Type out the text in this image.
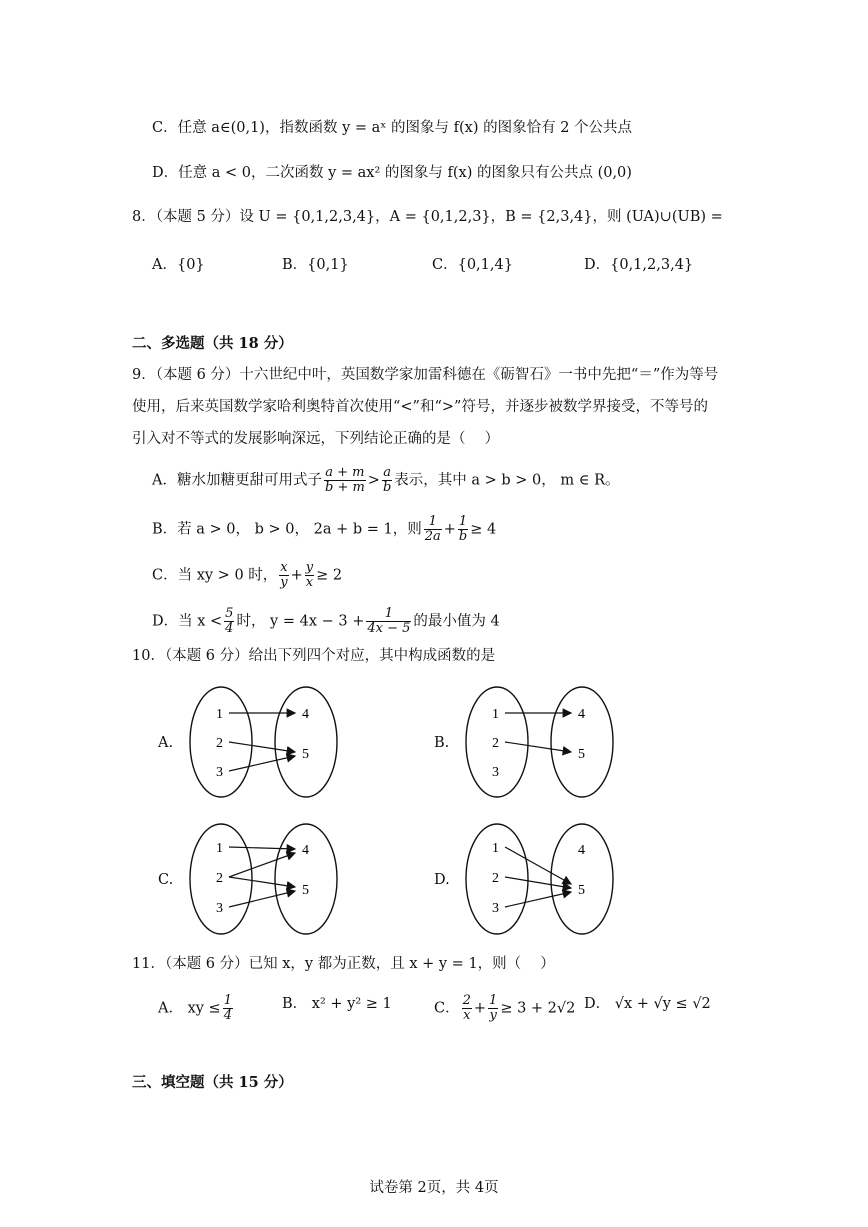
C．任意 a∈(0,1)，指数函数 y = aˣ 的图象与 f(x) 的图象恰有 2 个公共点
D．任意 a < 0，二次函数 y = ax² 的图象与 f(x) 的图象只有公共点 (0,0)
8．（本题 5 分）设 U = {0,1,2,3,4}，A = {0,1,2,3}，B = {2,3,4}，则 (UA)∪(UB) =
A．{0}	B．{0,1}	C．{0,1,4}	D．{0,1,2,3,4}
二、多选题（共 18 分）
9．（本题 6 分）十六世纪中叶，英国数学家加雷科德在《砺智石》一书中先把“＝”作为等号
使用，后来英国数学家哈利奥特首次使用“<”和“>”符号，并逐步被数学界接受，不等号的
引入对不等式的发展影响深远，下列结论正确的是（　 ）
A．糖水加糖更甜可用式子 $\frac{a + m}{b + m} > \frac{a}{b}$ 表示，其中 a > b > 0， m ∈ R。
B．若 a > 0， b > 0， 2a + b = 1，则 $\frac{1}{2a} + \frac{1}{b} \ge 4$
C．当 xy > 0 时， $\frac{x}{y} + \frac{y}{x} \ge 2$
D．当 $x < \frac{5}{4}$ 时， $y = 4x - 3 + \frac{1}{4x - 5}$ 的最小值为 4
10．（本题 6 分）给出下列四个对应，其中构成函数的是
A.
1
2
3
4
5
B.
1
2
3
4
5
C.
1
2
3
4
5
D.
1
2
3
4
5
11．（本题 6 分）已知 x，y 都为正数，且 x + y = 1，则（　 ）
A． xy ≤ $\frac{1}{4}$	B． x² + y² ≥ 1	C． $\frac{2}{x} + \frac{1}{y} \ge 3 + 2√2$ D． √x + √y ≤ √2
三、填空题（共 15 分）
试卷第 2页，共 4页
